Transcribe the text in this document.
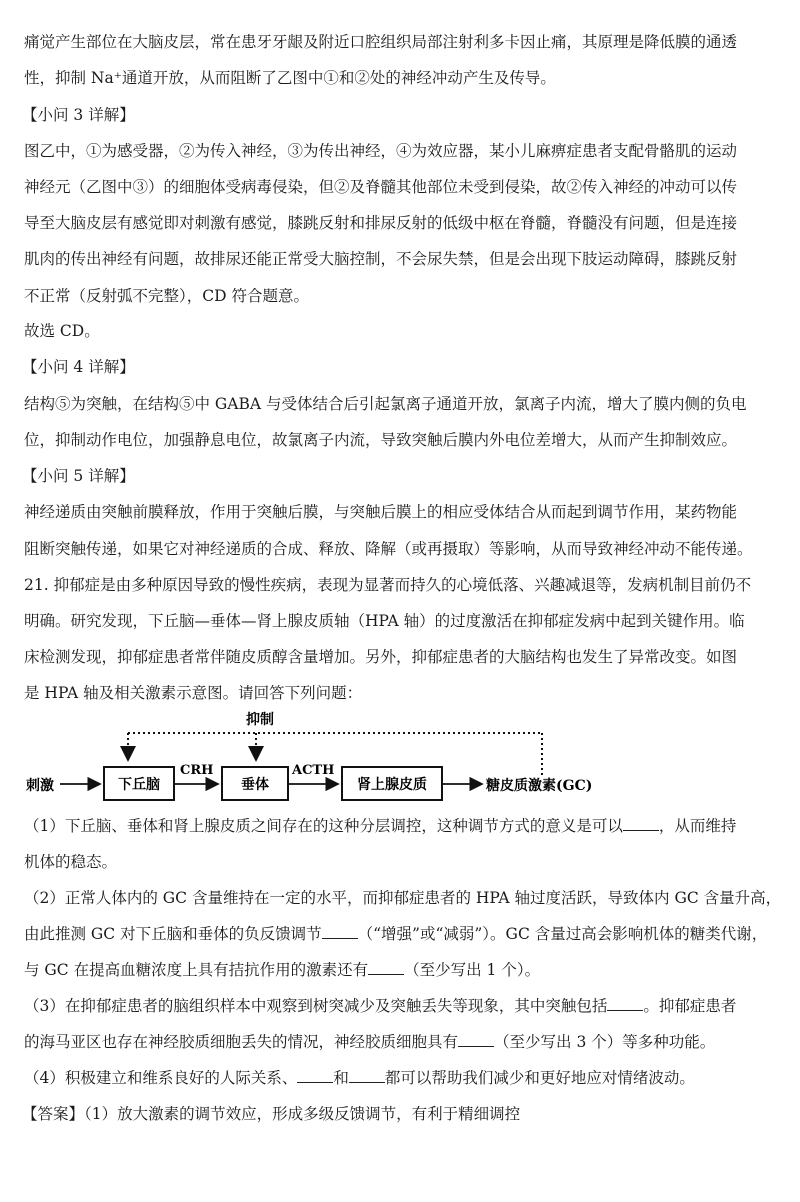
痛觉产生部位在大脑皮层，常在患牙牙龈及附近口腔组织局部注射利多卡因止痛，其原理是降低膜的通透
性，抑制 Na⁺通道开放，从而阻断了乙图中①和②处的神经冲动产生及传导。
【小问 3 详解】
图乙中，①为感受器，②为传入神经，③为传出神经，④为效应器，某小儿麻痹症患者支配骨骼肌的运动
神经元（乙图中③）的细胞体受病毒侵染，但②及脊髓其他部位未受到侵染，故②传入神经的冲动可以传
导至大脑皮层有感觉即对刺激有感觉，膝跳反射和排尿反射的低级中枢在脊髓，脊髓没有问题，但是连接
肌肉的传出神经有问题，故排尿还能正常受大脑控制，不会尿失禁，但是会出现下肢运动障碍，膝跳反射
不正常（反射弧不完整），CD 符合题意。
故选 CD。
【小问 4 详解】
结构⑤为突触，在结构⑤中 GABA 与受体结合后引起氯离子通道开放，氯离子内流，增大了膜内侧的负电
位，抑制动作电位，加强静息电位，故氯离子内流，导致突触后膜内外电位差增大，从而产生抑制效应。
【小问 5 详解】
神经递质由突触前膜释放，作用于突触后膜，与突触后膜上的相应受体结合从而起到调节作用，某药物能
阻断突触传递，如果它对神经递质的合成、释放、降解（或再摄取）等影响，从而导致神经冲动不能传递。
21. 抑郁症是由多种原因导致的慢性疾病，表现为显著而持久的心境低落、兴趣减退等，发病机制目前仍不
明确。研究发现，下丘脑—垂体—肾上腺皮质轴（HPA 轴）的过度激活在抑郁症发病中起到关键作用。临
床检测发现，抑郁症患者常伴随皮质醇含量增加。另外，抑郁症患者的大脑结构也发生了异常改变。如图
是 HPA 轴及相关激素示意图。请回答下列问题：
抑制
刺激	下丘脑
CRH
垂体
ACTH
肾上腺皮质	糖皮质激素(GC)
（1）下丘脑、垂体和肾上腺皮质之间存在的这种分层调控，这种调节方式的意义是可以 ，从而维持
机体的稳态。
（2）正常人体内的 GC 含量维持在一定的水平，而抑郁症患者的 HPA 轴过度活跃，导致体内 GC 含量升高，
由此推测 GC 对下丘脑和垂体的负反馈调节 （“增强”或“减弱”）。GC 含量过高会影响机体的糖类代谢，
与 GC 在提高血糖浓度上具有拮抗作用的激素还有 （至少写出 1 个）。
（3）在抑郁症患者的脑组织样本中观察到树突减少及突触丢失等现象，其中突触包括 。抑郁症患者
的海马亚区也存在神经胶质细胞丢失的情况，神经胶质细胞具有 （至少写出 3 个）等多种功能。
（4）积极建立和维系良好的人际关系、 和 都可以帮助我们减少和更好地应对情绪波动。
【答案】（1）放大激素的调节效应，形成多级反馈调节，有利于精细调控
